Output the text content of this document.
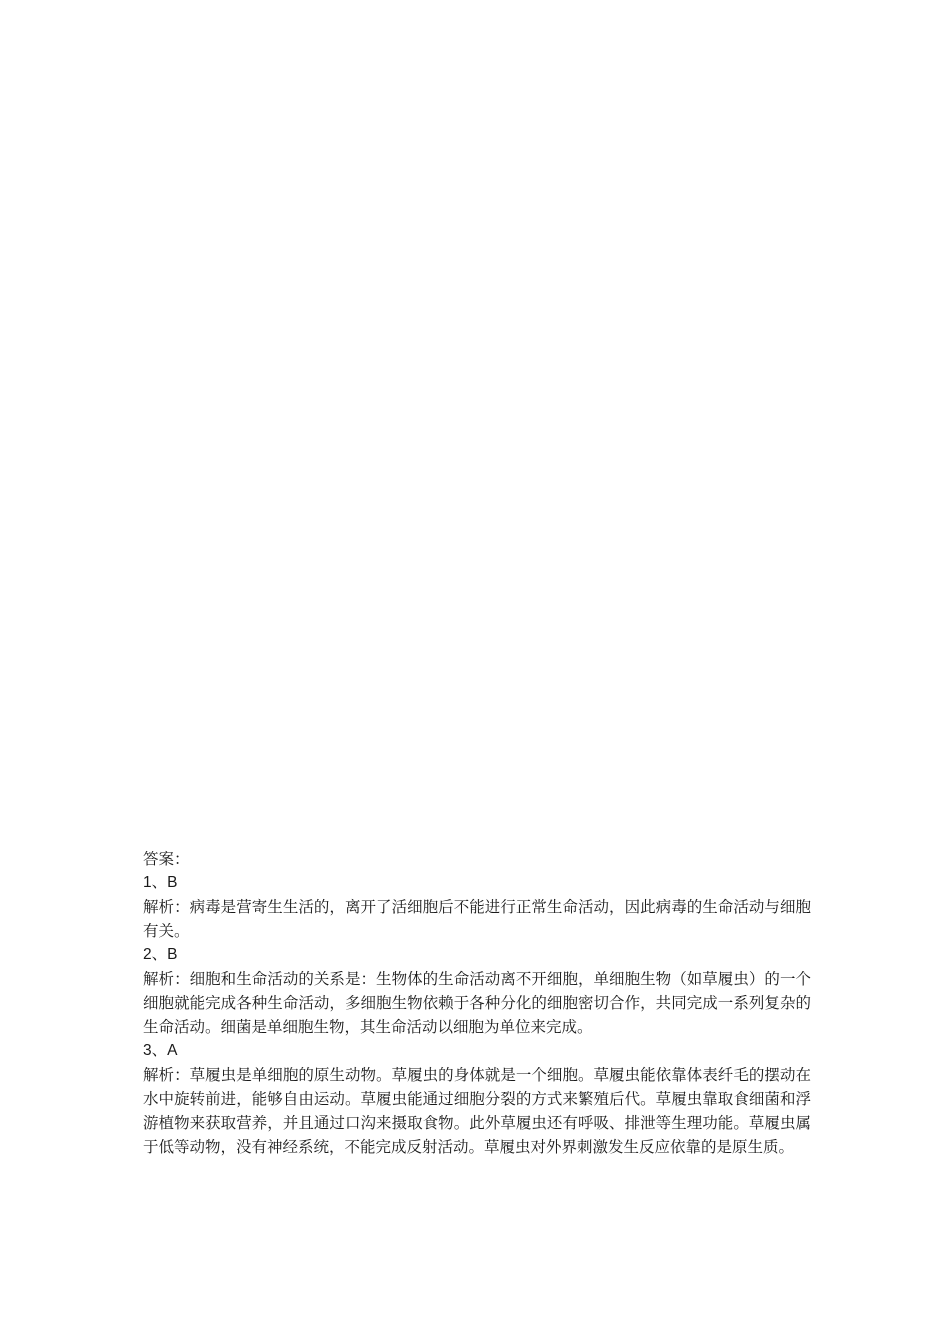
答案：

1、B

解析：病毒是营寄生生活的，离开了活细胞后不能进行正常生命活动，因此病毒的生命活动与细胞有关。

2、B

解析：细胞和生命活动的关系是：生物体的生命活动离不开细胞，单细胞生物（如草履虫）的一个细胞就能完成各种生命活动，多细胞生物依赖于各种分化的细胞密切合作，共同完成一系列复杂的生命活动。细菌是单细胞生物，其生命活动以细胞为单位来完成。

3、A

解析：草履虫是单细胞的原生动物。草履虫的身体就是一个细胞。草履虫能依靠体表纤毛的摆动在水中旋转前进，能够自由运动。草履虫能通过细胞分裂的方式来繁殖后代。草履虫靠取食细菌和浮游植物来获取营养，并且通过口沟来摄取食物。此外草履虫还有呼吸、排泄等生理功能。草履虫属于低等动物，没有神经系统，不能完成反射活动。草履虫对外界刺激发生反应依靠的是原生质。
